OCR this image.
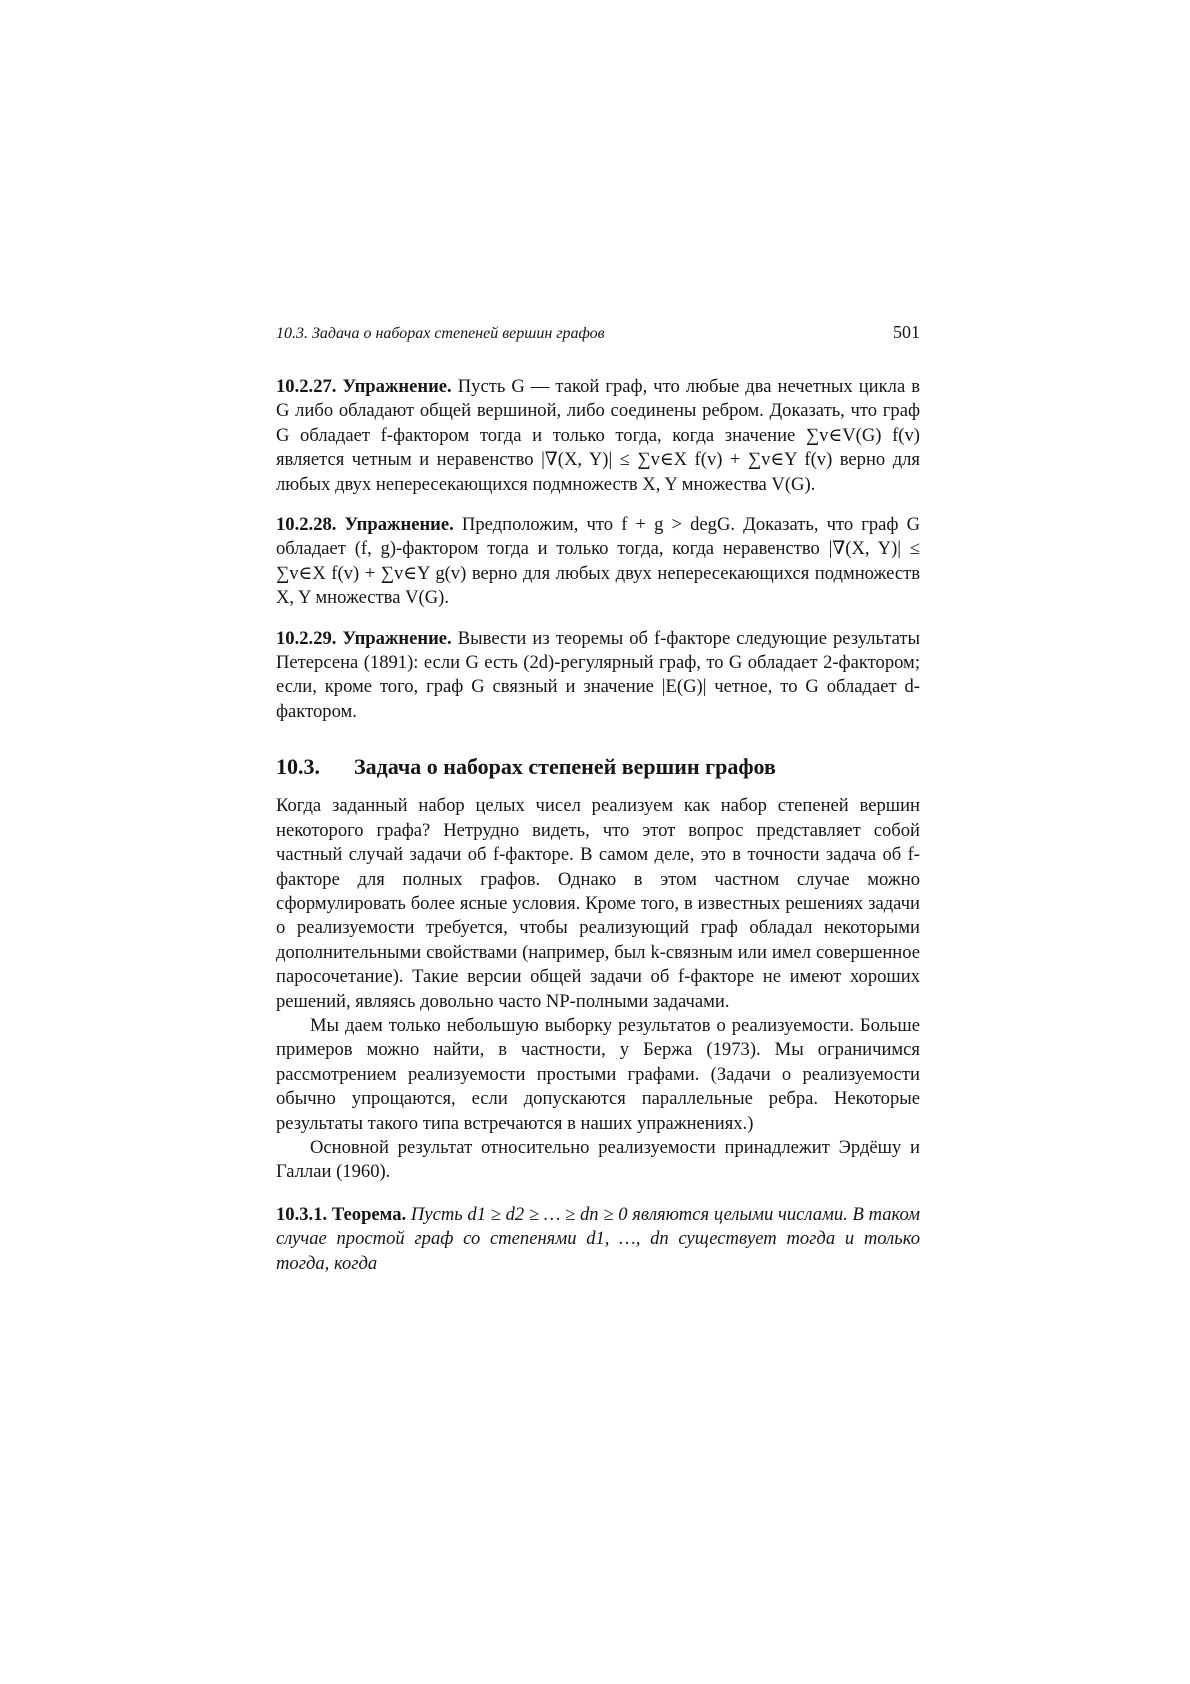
10.3. Задача о наборах степеней вершин графов	501

10.2.27. Упражнение. Пусть G — такой граф, что любые два нечетных цикла в G либо обладают общей вершиной, либо соединены ребром. Доказать, что граф G обладает f-фактором тогда и только тогда, когда значение ∑v∈V(G) f(v) является четным и неравенство |∇(X, Y)| ≤ ∑v∈X f(v) + ∑v∈Y f(v) верно для любых двух непересекающихся подмножеств X, Y множества V(G).

10.2.28. Упражнение. Предположим, что f + g > degG. Доказать, что граф G обладает (f, g)-фактором тогда и только тогда, когда неравенство |∇(X, Y)| ≤ ∑v∈X f(v) + ∑v∈Y g(v) верно для любых двух непересекающихся подмножеств X, Y множества V(G).

10.2.29. Упражнение. Вывести из теоремы об f-факторе следующие результаты Петерсена (1891): если G есть (2d)-регулярный граф, то G обладает 2-фактором; если, кроме того, граф G связный и значение |E(G)| четное, то G обладает d-фактором.

10.3.	Задача о наборах степеней вершин графов

Когда заданный набор целых чисел реализуем как набор степеней вершин некоторого графа? Нетрудно видеть, что этот вопрос представляет собой частный случай задачи об f-факторе. В самом деле, это в точности задача об f-факторе для полных графов. Однако в этом частном случае можно сформулировать более ясные условия. Кроме того, в известных решениях задачи о реализуемости требуется, чтобы реализующий граф обладал некоторыми дополнительными свойствами (например, был k-связным или имел совершенное паросочетание). Такие версии общей задачи об f-факторе не имеют хороших решений, являясь довольно часто NP-полными задачами.

Мы даем только небольшую выборку результатов о реализуемости. Больше примеров можно найти, в частности, у Бержа (1973). Мы ограничимся рассмотрением реализуемости простыми графами. (Задачи о реализуемости обычно упрощаются, если допускаются параллельные ребра. Некоторые результаты такого типа встречаются в наших упражнениях.)

Основной результат относительно реализуемости принадлежит Эрдёшу и Галлаи (1960).

10.3.1. Теорема. Пусть d1 ≥ d2 ≥ … ≥ dn ≥ 0 являются целыми числами. В таком случае простой граф со степенями d1, …, dn существует тогда и только тогда, когда
